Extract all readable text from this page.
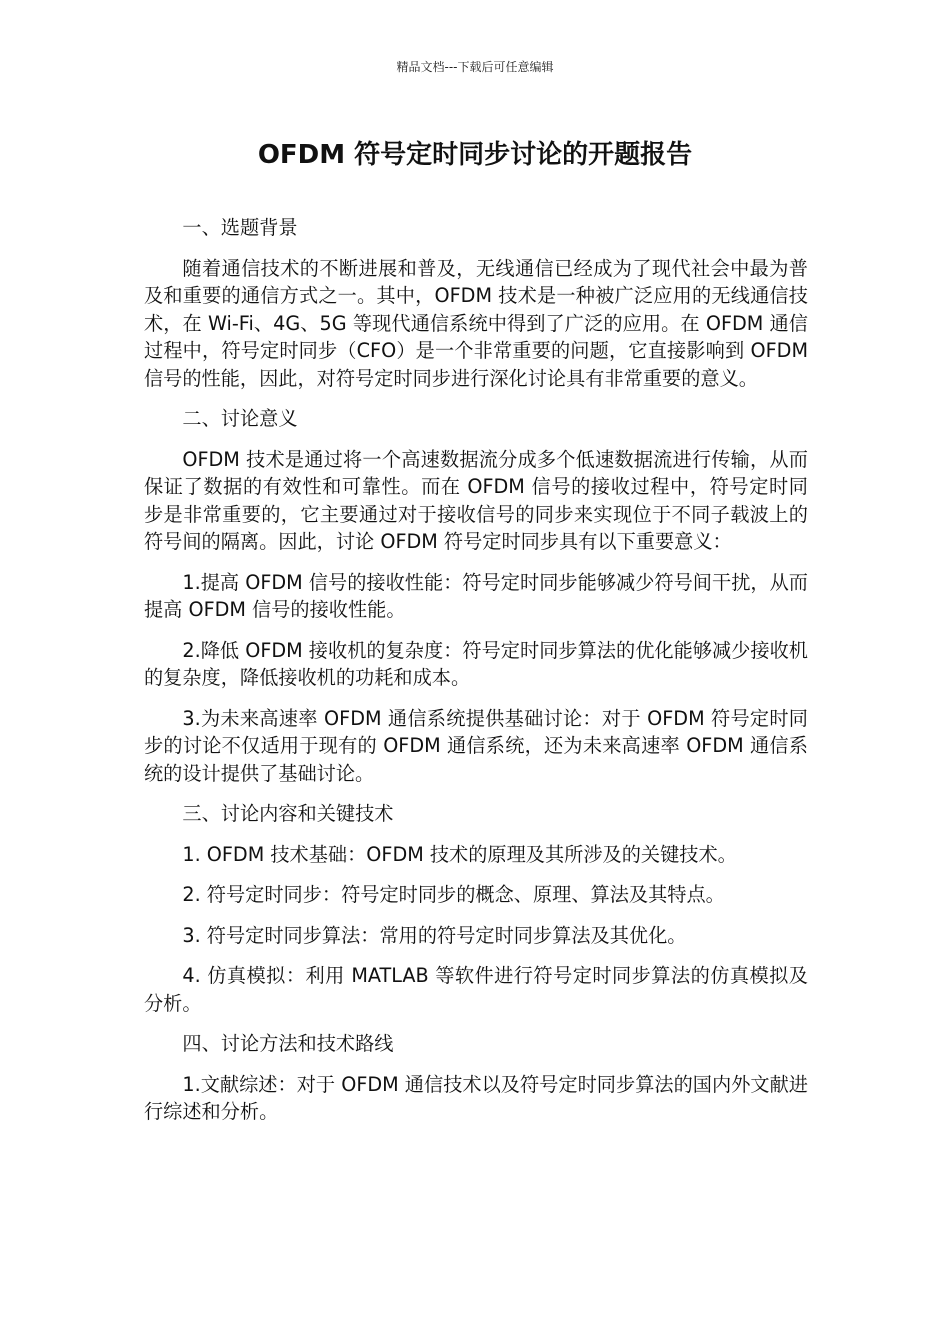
精品文档---下载后可任意编辑
OFDM 符号定时同步讨论的开题报告

一、选题背景

随着通信技术的不断进展和普及，无线通信已经成为了现代社会中最为普及和重要的通信方式之一。其中，OFDM 技术是一种被广泛应用的无线通信技术，在 Wi-Fi、4G、5G 等现代通信系统中得到了广泛的应用。在 OFDM 通信过程中，符号定时同步（CFO）是一个非常重要的问题，它直接影响到 OFDM 信号的性能，因此，对符号定时同步进行深化讨论具有非常重要的意义。

二、讨论意义

OFDM 技术是通过将一个高速数据流分成多个低速数据流进行传输，从而保证了数据的有效性和可靠性。而在 OFDM 信号的接收过程中，符号定时同步是非常重要的，它主要通过对于接收信号的同步来实现位于不同子载波上的符号间的隔离。因此，讨论 OFDM 符号定时同步具有以下重要意义：

1.提高 OFDM 信号的接收性能：符号定时同步能够减少符号间干扰，从而提高 OFDM 信号的接收性能。

2.降低 OFDM 接收机的复杂度：符号定时同步算法的优化能够减少接收机的复杂度，降低接收机的功耗和成本。

3.为未来高速率 OFDM 通信系统提供基础讨论：对于 OFDM 符号定时同步的讨论不仅适用于现有的 OFDM 通信系统，还为未来高速率 OFDM 通信系统的设计提供了基础讨论。

三、讨论内容和关键技术

1. OFDM 技术基础：OFDM 技术的原理及其所涉及的关键技术。

2. 符号定时同步：符号定时同步的概念、原理、算法及其特点。

3. 符号定时同步算法：常用的符号定时同步算法及其优化。

4. 仿真模拟：利用 MATLAB 等软件进行符号定时同步算法的仿真模拟及分析。

四、讨论方法和技术路线

1.文献综述：对于 OFDM 通信技术以及符号定时同步算法的国内外文献进行综述和分析。
